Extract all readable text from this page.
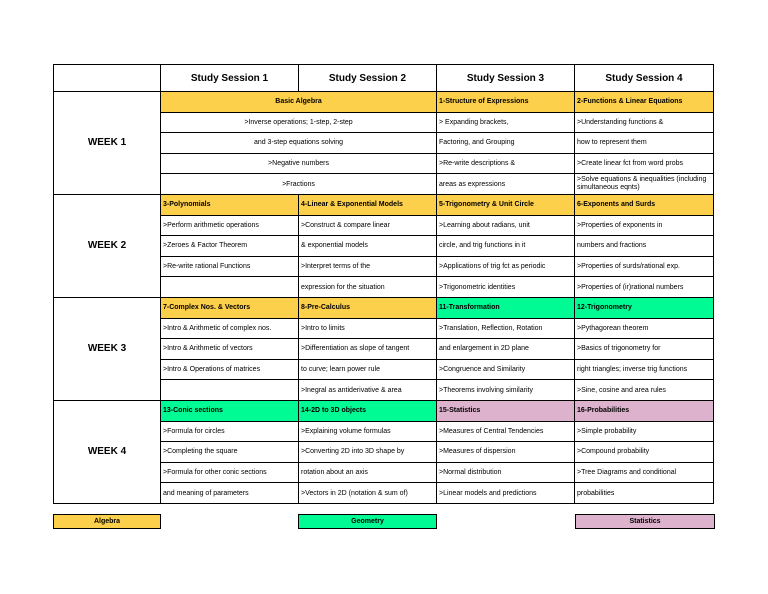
	Study Session 1	Study Session 2	Study Session 3	Study Session 4
WEEK 1	Basic Algebra		1-Structure of Expressions	2-Functions & Linear Equations
	>Inverse operations; 1-step, 2-step		> Expanding brackets,	>Understanding functions &
	and 3-step equations solving		Factoring, and Grouping	how to represent them
	>Negative numbers		>Re-write descriptions &	>Create linear fct from word probs
	>Fractions		areas as expressions	>Solve equations & inequalities (including simultaneous eqnts)
WEEK 2	3-Polynomials	4-Linear & Exponential Models	5-Trigonometry & Unit Circle	6-Exponents and Surds
	>Perform arithmetic operations	>Construct & compare linear	>Learning about radians, unit	>Properties of exponents in
	>Zeroes & Factor Theorem	& exponential models	circle, and trig functions in it	numbers and fractions
	>Re-write rational Functions	>Interpret terms of the	>Applications of trig fct as periodic	>Properties of surds/rational exp.
		expression for the situation	>Trigonometric identities	>Properties of (ir)rational numbers
WEEK 3	7-Complex Nos. & Vectors	8-Pre-Calculus	11-Transformation	12-Trigonometry
	>Intro & Arithmetic of complex nos.	>Intro to limits	>Translation, Reflection, Rotation	>Pythagorean theorem
	>Intro & Arithmetic of vectors	>Differentiation as slope of tangent	and enlargement in 2D plane	>Basics of trigonometry for
	>Intro & Operations of matrices	to curve; learn power rule	>Congruence and Similarity	right triangles; inverse trig functions
		>Inegral as antiderivative & area	>Theorems involving similarity	>Sine, cosine and area rules
WEEK 4	13-Conic sections	14-2D to 3D objects	15-Statistics	16-Probabilities
	>Formula for circles	>Explaining volume formulas	>Measures of Central Tendencies	>Simple probability
	>Completing the square	>Converting 2D into 3D shape by	>Measures of dispersion	>Compound probability
	>Formula for other conic sections	rotation about an axis	>Normal distribution	>Tree Diagrams and conditional
	and meaning of parameters	>Vectors in 2D (notation & sum of)	>Linear models and predictions	probabilities
Algebra	Geometry	Statistics
